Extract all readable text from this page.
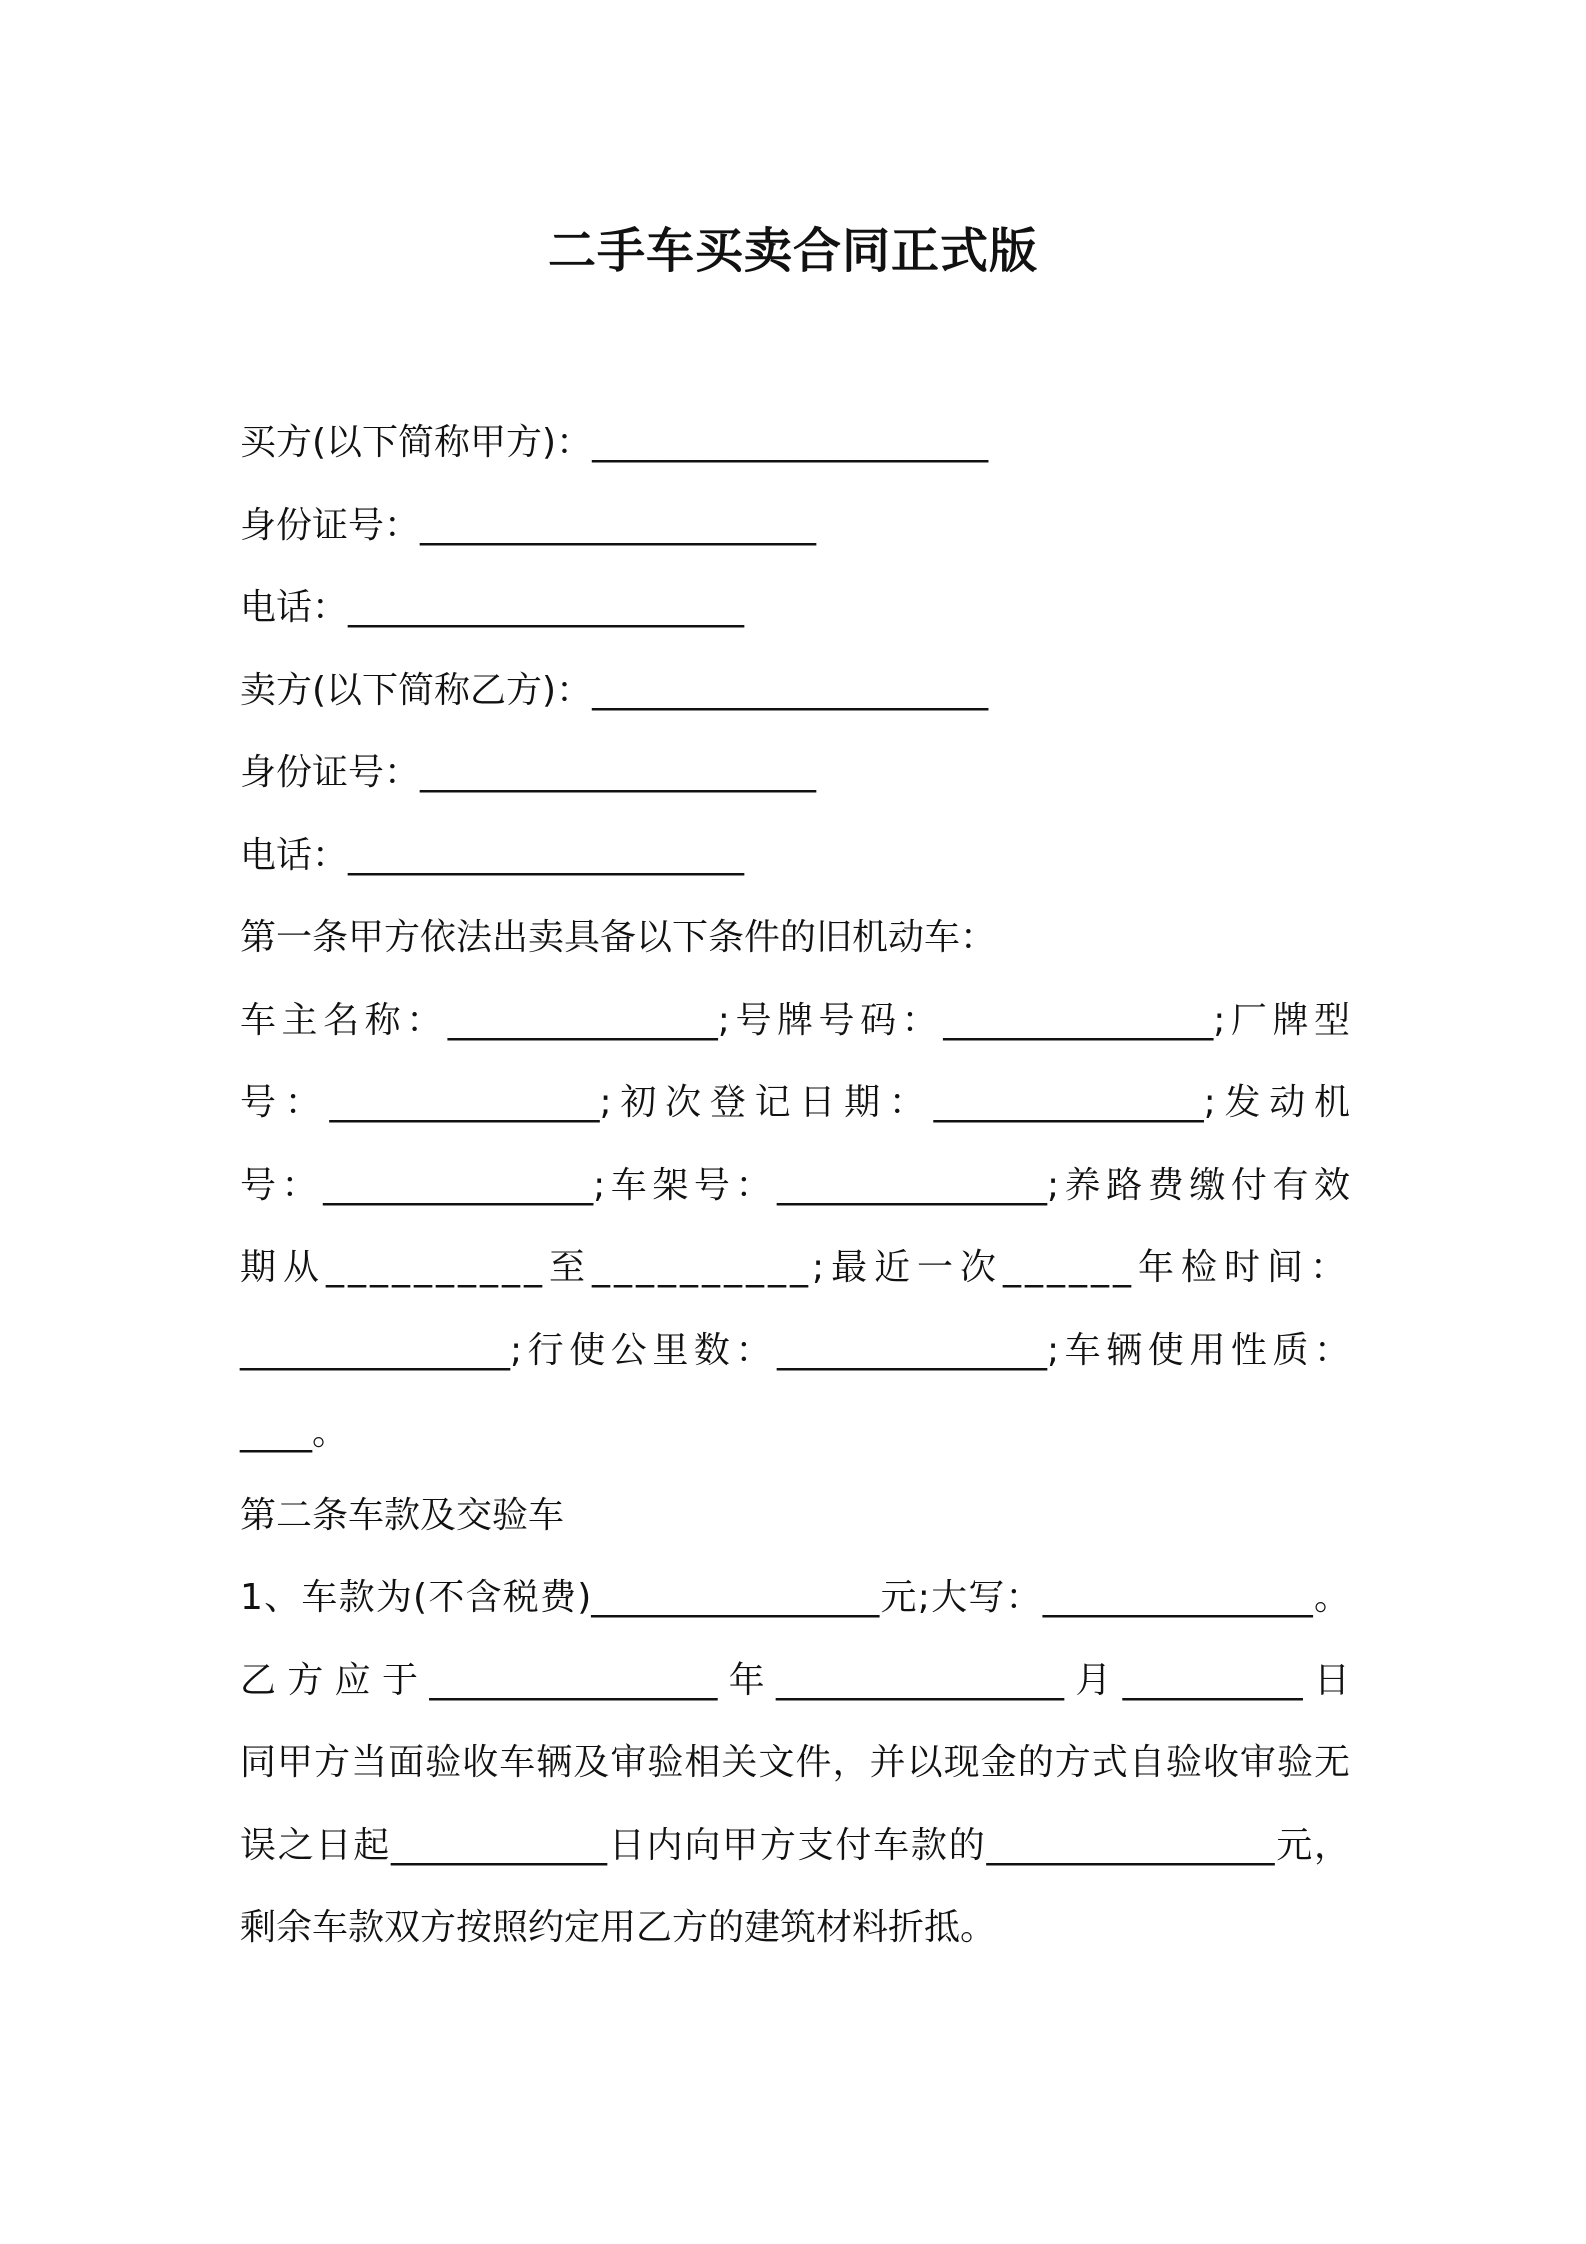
二手车买卖合同正式版

买方(以下简称甲方)：______________________

身份证号：______________________

电话：______________________

卖方(以下简称乙方)：______________________

身份证号：______________________

电话：______________________

第一条甲方依法出卖具备以下条件的旧机动车：

车主名称：_______________;号牌号码：_______________;厂牌型

号：_______________;初次登记日期：_______________;发动机

号：_______________;车架号：_______________;养路费缴付有效

期从__________至__________;最近一次______年检时间：

_______________;行使公里数：_______________;车辆使用性质：

____。

第二条车款及交验车

1、车款为(不含税费)________________元;大写：_______________。

乙方应于________________年________________月__________日

同甲方当面验收车辆及审验相关文件，并以现金的方式自验收审验无

误之日起____________日内向甲方支付车款的________________元，

剩余车款双方按照约定用乙方的建筑材料折抵。
